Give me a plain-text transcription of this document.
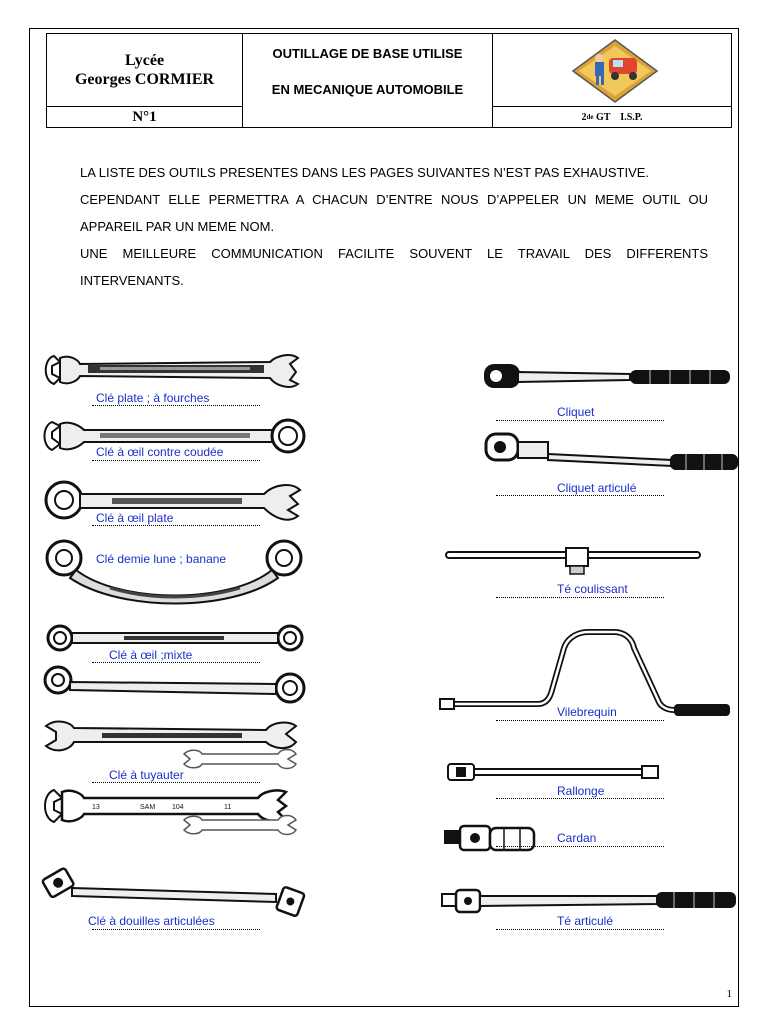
Lycée
Georges CORMIER
N°1
OUTILLAGE DE BASE UTILISE
EN MECANIQUE AUTOMOBILE
2 de GT    I.S.P.

LA LISTE DES OUTILS PRESENTES DANS LES PAGES SUIVANTES N’EST PAS EXHAUSTIVE.

CEPENDANT ELLE PERMETTRA A CHACUN D’ENTRE NOUS D’APPELER UN MEME OUTIL OU APPAREIL PAR UN MEME NOM.

UNE MEILLEURE COMMUNICATION FACILITE SOUVENT LE TRAVAIL DES DIFFERENTS INTERVENANTS.

Clé plate ; à fourches
Clé à œil contre coudée
Clé à œil plate
Clé demie lune ; banane
Clé à œil ;mixte
Clé à tuyauter
13	SAM 104	11
Clé à douilles articulées
Cliquet
Cliquet articulé
Té coulissant
Vilebrequin
Rallonge
Cardan
Té articulé
1
